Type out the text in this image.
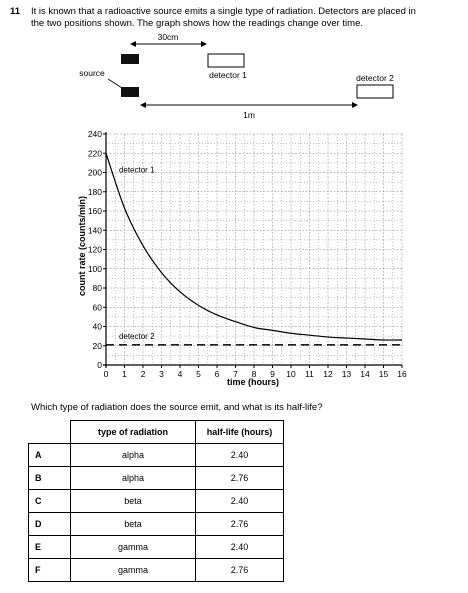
11 It is known that a radioactive source emits a single type of radiation. Detectors are placed in
the two positions shown. The graph shows how the readings change over time.
30cm
source	detector 1	detector 2
1m
0 1 2 3 4 5 6 7 8 9 10 11 12 13 14 15 16
0
20
40
60
80
100
120
140
160
180
200
220
240
detector 1
detector 2
time (hours)
count rate (counts/min)
Which type of radiation does the source emit, and what is its half-life?
	type of radiation	half-life (hours)
A	alpha	2.40
B	alpha	2.76
C	beta	2.40
D	beta	2.76
E	gamma	2.40
F	gamma	2.76
